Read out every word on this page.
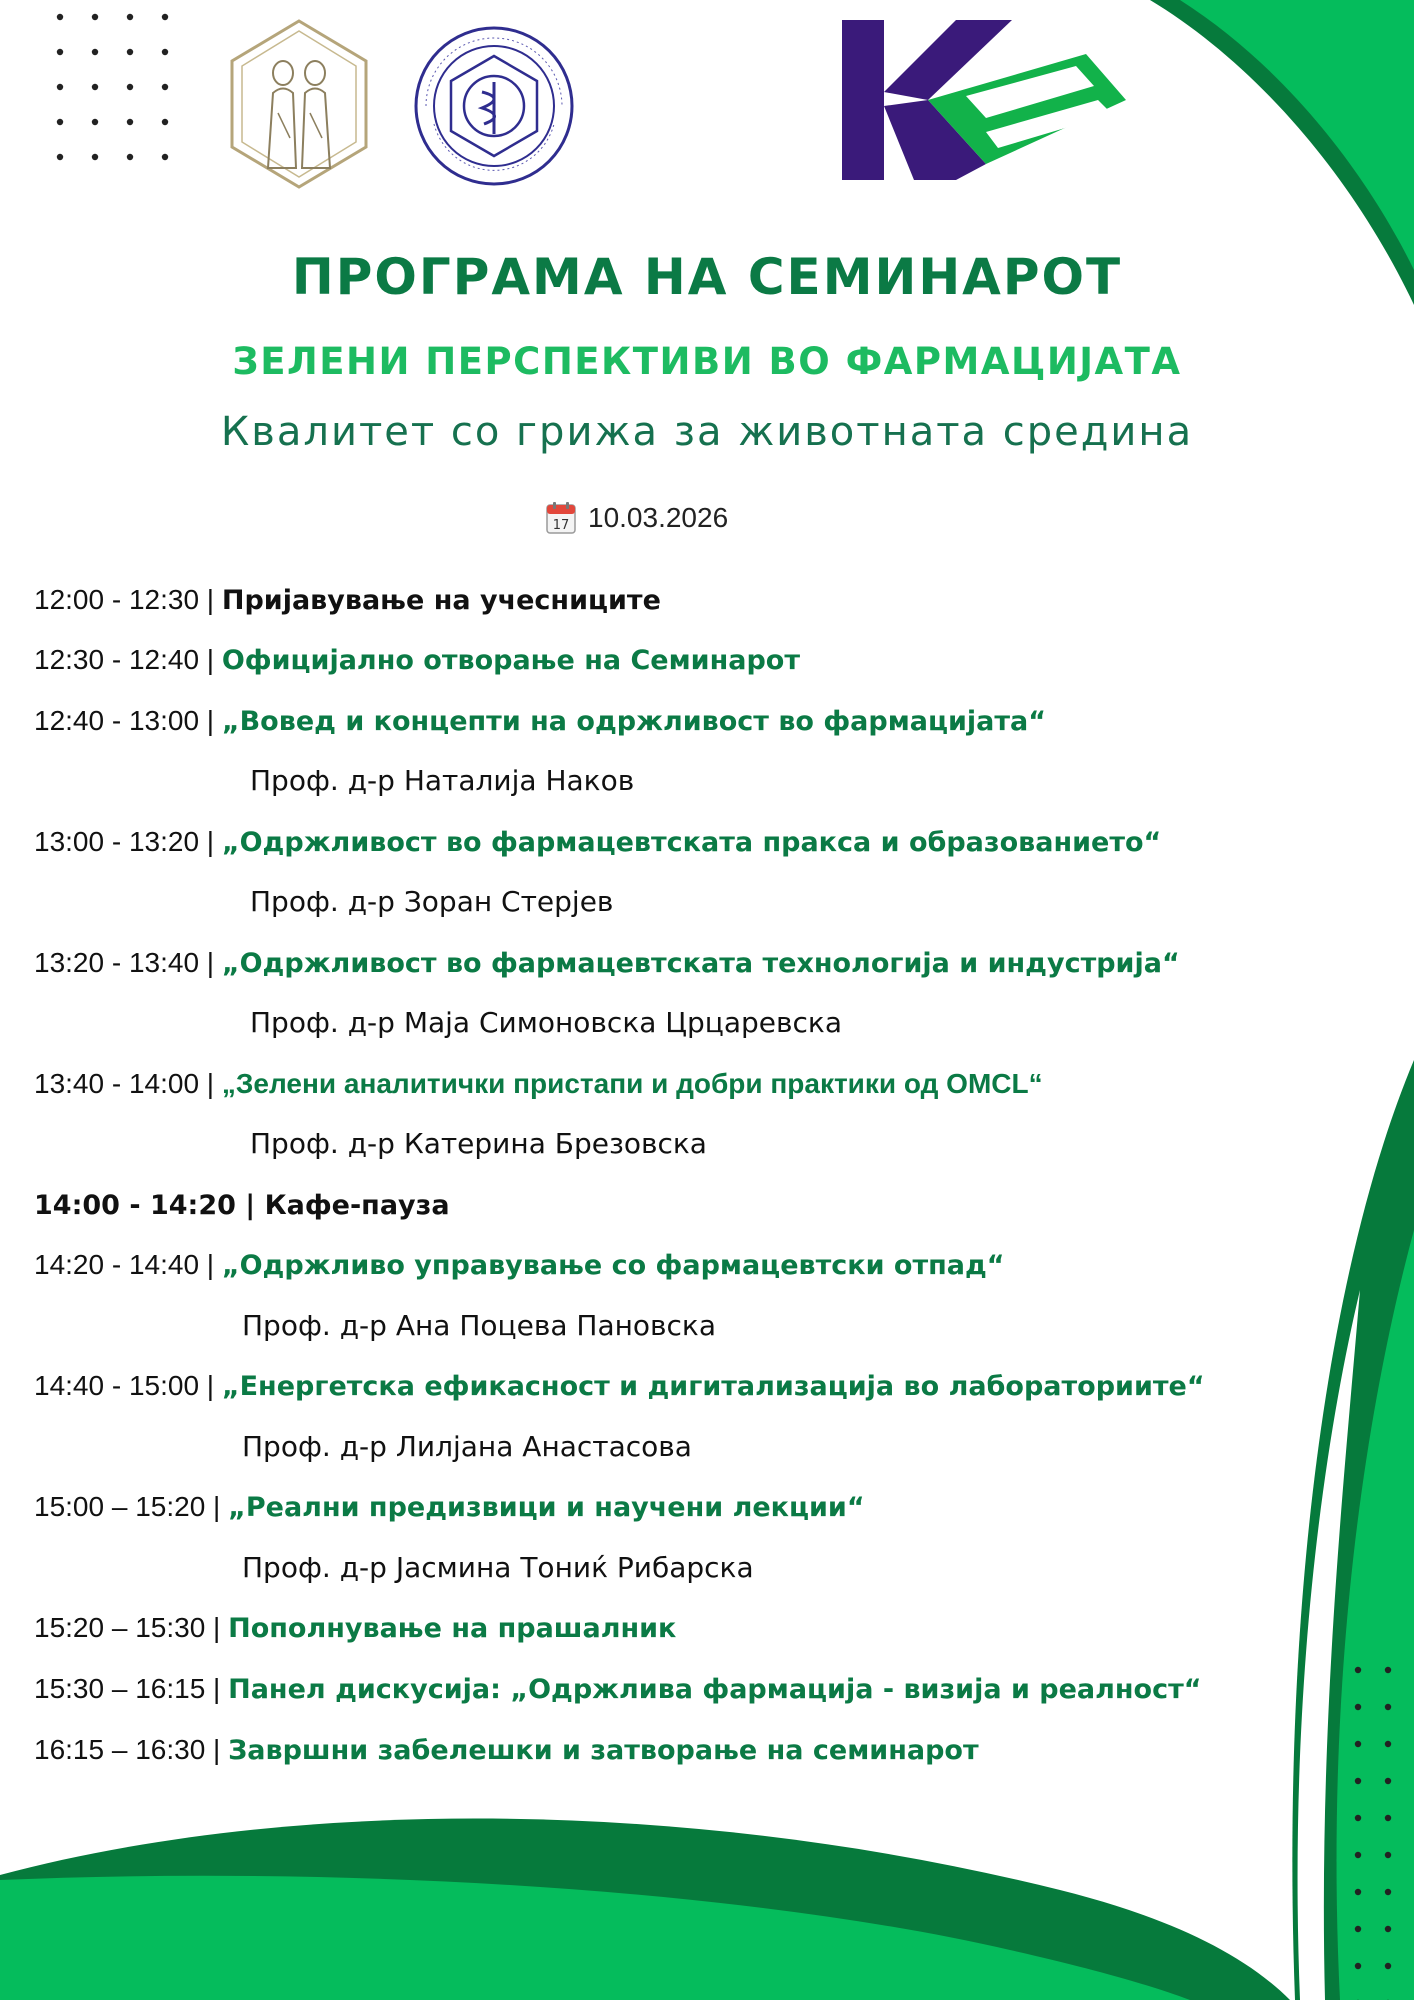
ПРОГРАМА НА СЕМИНАРОТ
ЗЕЛЕНИ ПЕРСПЕКТИВИ ВО ФАРМАЦИЈАТА
Квалитет со грижа за животната средина
17 10.03.2026
12:00 - 12:30 | Пријавување на учесниците
12:30 - 12:40 | Официјално отворање на Семинарот
12:40 - 13:00 | „Вовед и концепти на одржливост во фармацијата“
Проф. д-р Наталија Наков
13:00 - 13:20 | „Одржливост во фармацевтската пракса и образованието“
Проф. д-р Зоран Стерјев
13:20 - 13:40 | „Одржливост во фармацевтската технологија и индустрија“
Проф. д-р Маја Симоновска Црцаревска
13:40 - 14:00 | „Зелени аналитички пристапи и добри практики од OMCL“
Проф. д-р Катерина Брезовска
14:00 - 14:20 | Кафе-пауза
14:20 - 14:40 | „Одржливо управување со фармацевтски отпад“
Проф. д-р Ана Поцева Пановска
14:40 - 15:00 | „Енергетска ефикасност и дигитализација во лабораториите“
Проф. д-р Лилјана Анастасова
15:00 – 15:20 | „Реални предизвици и научени лекции“
Проф. д-р Јасмина Тониќ Рибарска
15:20 – 15:30 | Пополнување на прашалник
15:30 – 16:15 | Панел дискусија: „Одржлива фармација - визија и реалност“
16:15 – 16:30 | Завршни забелешки и затворање на семинарот
